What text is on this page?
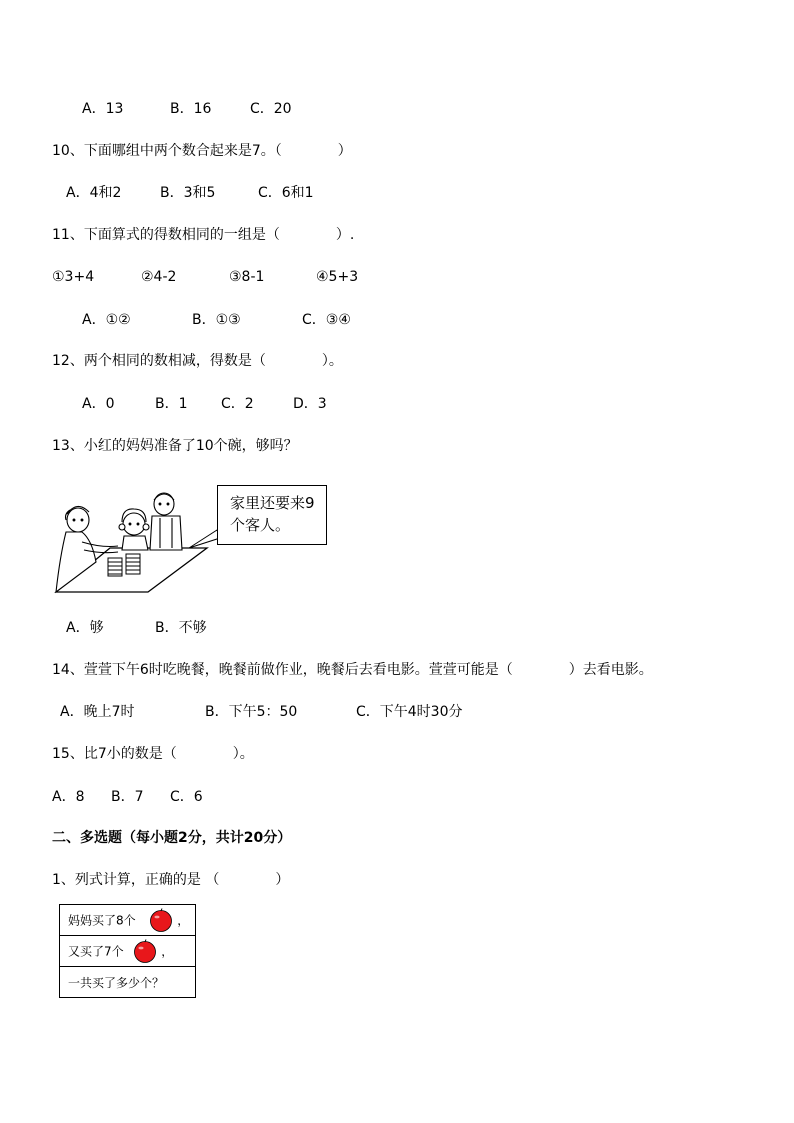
A．13	B．16	C．20
10、下面哪组中两个数合起来是7。（　　　　）
A．4和2	B．3和5	C．6和1
11、下面算式的得数相同的一组是（　　　　）.
①3+4	②4-2	③8-1	④5+3
A．①②	B．①③	C．③④
12、两个相同的数相减，得数是（　　　　）。
A．0	B．1 C．2	D．3
13、小红的妈妈准备了10个碗，够吗？
家里还要来9
个客人。
A．够	B．不够
14、萱萱下午6时吃晚餐，晚餐前做作业，晚餐后去看电影。萱萱可能是（　　　　）去看电影。
A．晚上7时	B．下午5：50	C．下午4时30分
15、比7小的数是（　　　　）。
A．8 B．7 C．6
二、多选题（每小题2分，共计20分）
1、列式计算，正确的是 （　　　　）
妈妈买了8个	，
又买了7个	，
一共买了多少个？
